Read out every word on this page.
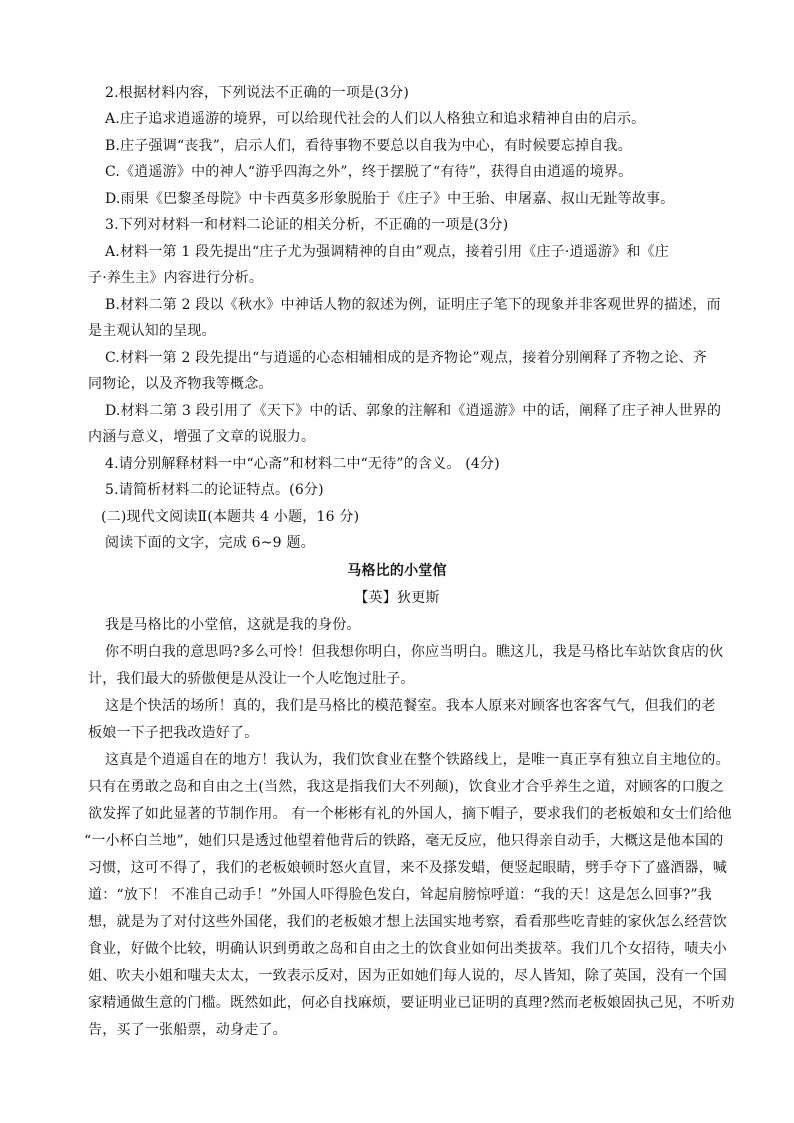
2.根据材料内容，下列说法不正确的一项是(3分)
A.庄子追求逍遥游的境界，可以给现代社会的人们以人格独立和追求精神自由的启示。
B.庄子强调“丧我”，启示人们，看待事物不要总以自我为中心，有时候要忘掉自我。
C.《逍遥游》中的神人“游乎四海之外”，终于摆脱了“有待”，获得自由逍遥的境界。
D.雨果《巴黎圣母院》中卡西莫多形象脱胎于《庄子》中王骀、申屠嘉、叔山无趾等故事。
3.下列对材料一和材料二论证的相关分析，不正确的一项是(3分)
A.材料一第 1 段先提出“庄子尤为强调精神的自由”观点，接着引用《庄子·逍遥游》和《庄
子·养生主》内容进行分析。
B.材料二第 2 段以《秋水》中神话人物的叙述为例，证明庄子笔下的现象并非客观世界的描述，而
是主观认知的呈现。
C.材料一第 2 段先提出“与逍遥的心态相辅相成的是齐物论”观点，接着分别阐释了齐物之论、齐
同物论，以及齐物我等概念。
D.材料二第 3 段引用了《天下》中的话、郭象的注解和《逍遥游》中的话，阐释了庄子神人世界的
内涵与意义，增强了文章的说服力。
4.请分别解释材料一中“心斋”和材料二中“无待”的含义。 (4分)
5.请简析材料二的论证特点。(6分)
(二)现代文阅读Ⅱ(本题共 4 小题，16 分)
阅读下面的文字，完成 6~9 题。
马格比的小堂倌
【英】狄更斯
我是马格比的小堂倌，这就是我的身份。
你不明白我的意思吗?多么可怜！但我想你明白，你应当明白。瞧这儿，我是马格比车站饮食店的伙
计，我们最大的骄傲便是从没让一个人吃饱过肚子。
这是个快活的场所！真的，我们是马格比的模范餐室。我本人原来对顾客也客客气气，但我们的老
板娘一下子把我改造好了。
这真是个逍遥自在的地方！我认为，我们饮食业在整个铁路线上，是唯一真正享有独立自主地位的。
只有在勇敢之岛和自由之土(当然，我这是指我们大不列颠)，饮食业才合乎养生之道，对顾客的口腹之
欲发挥了如此显著的节制作用。 有一个彬彬有礼的外国人，摘下帽子，要求我们的老板娘和女士们给他
“一小杯白兰地”，她们只是透过他望着他背后的铁路，毫无反应，他只得亲自动手，大概这是他本国的
习惯，这可不得了，我们的老板娘顿时怒火直冒，来不及搽发蜡，便竖起眼睛，劈手夺下了盛酒器，喊
道：“放下！ 不准自己动手！”外国人吓得脸色发白，耸起肩膀惊呼道：“我的天！这是怎么回事?”我
想，就是为了对付这些外国佬，我们的老板娘才想上法国实地考察，看看那些吃青蛙的家伙怎么经营饮
食业，好做个比较，明确认识到勇敢之岛和自由之土的饮食业如何出类拔萃。我们几个女招待，啧夫小
姐、吹夫小姐和嗤夫太太，一致表示反对，因为正如她们每人说的，尽人皆知，除了英国，没有一个国
家精通做生意的门槛。既然如此，何必自找麻烦，要证明业已证明的真理?然而老板娘固执己见，不听劝
告，买了一张船票，动身走了。
